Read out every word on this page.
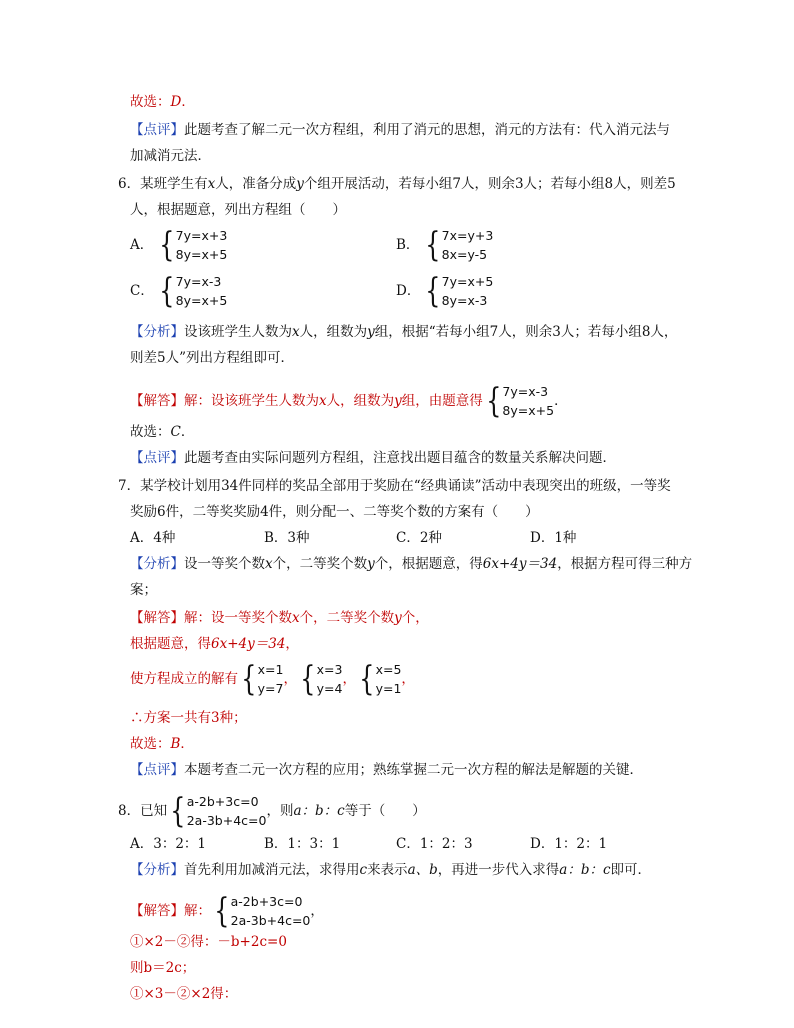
故选：D．
【点评】此题考查了解二元一次方程组，利用了消元的思想，消元的方法有：代入消元法与
加减消元法．
6．某班学生有x人，准备分成y个组开展活动，若每小组7人，则余3人；若每小组8人，则差5
人，根据题意，列出方程组（　　）
A． { 7y=x+3
8y=x+5
B． { 7x=y+3
8x=y-5
C． { 7y=x-3
8y=x+5
D． { 7y=x+5
8y=x-3
【分析】设该班学生人数为x人，组数为y组，根据“若每小组7人，则余3人；若每小组8人，
则差5人”列出方程组即可．
【解答】 解：设该班学生人数为 x 人，组数为 y 组，由题意得 { 7y=x-3
8y=x+5
．
故选：C．
【点评】此题考查由实际问题列方程组，注意找出题目蕴含的数量关系解决问题．
7．某学校计划用34件同样的奖品全部用于奖励在“经典诵读”活动中表现突出的班级，一等奖
奖励6件，二等奖奖励4件，则分配一、二等奖个数的方案有（　　）
A．4种	B．3种	C．2种	D．1种
【分析】设一等奖个数x个，二等奖个数y个，根据题意，得6x+4y＝34，根据方程可得三种方
案；
【解答】解：设一等奖个数x个，二等奖个数y个，
根据题意，得6x+4y＝34，
使方程成立的解有 { x=1
y=7
， { x=3
y=4
， { x=5
y=1
，
∴方案一共有3种；
故选：B．
【点评】本题考查二元一次方程的应用；熟练掌握二元一次方程的解法是解题的关键．
8．已知 { a-2b+3c=0
2a-3b+4c=0
，则 a：b：c 等于（　　）
A．3：2：1	B．1：3：1	C．1：2：3	D．1：2：1
【分析】首先利用加减消元法，求得用c来表示a、b，再进一步代入求得a：b：c即可．
【解答】 解： { a-2b+3c=0
2a-3b+4c=0
，
①×2－②得：－b+2c=0
则b＝2c；
①×3－②×2得：
